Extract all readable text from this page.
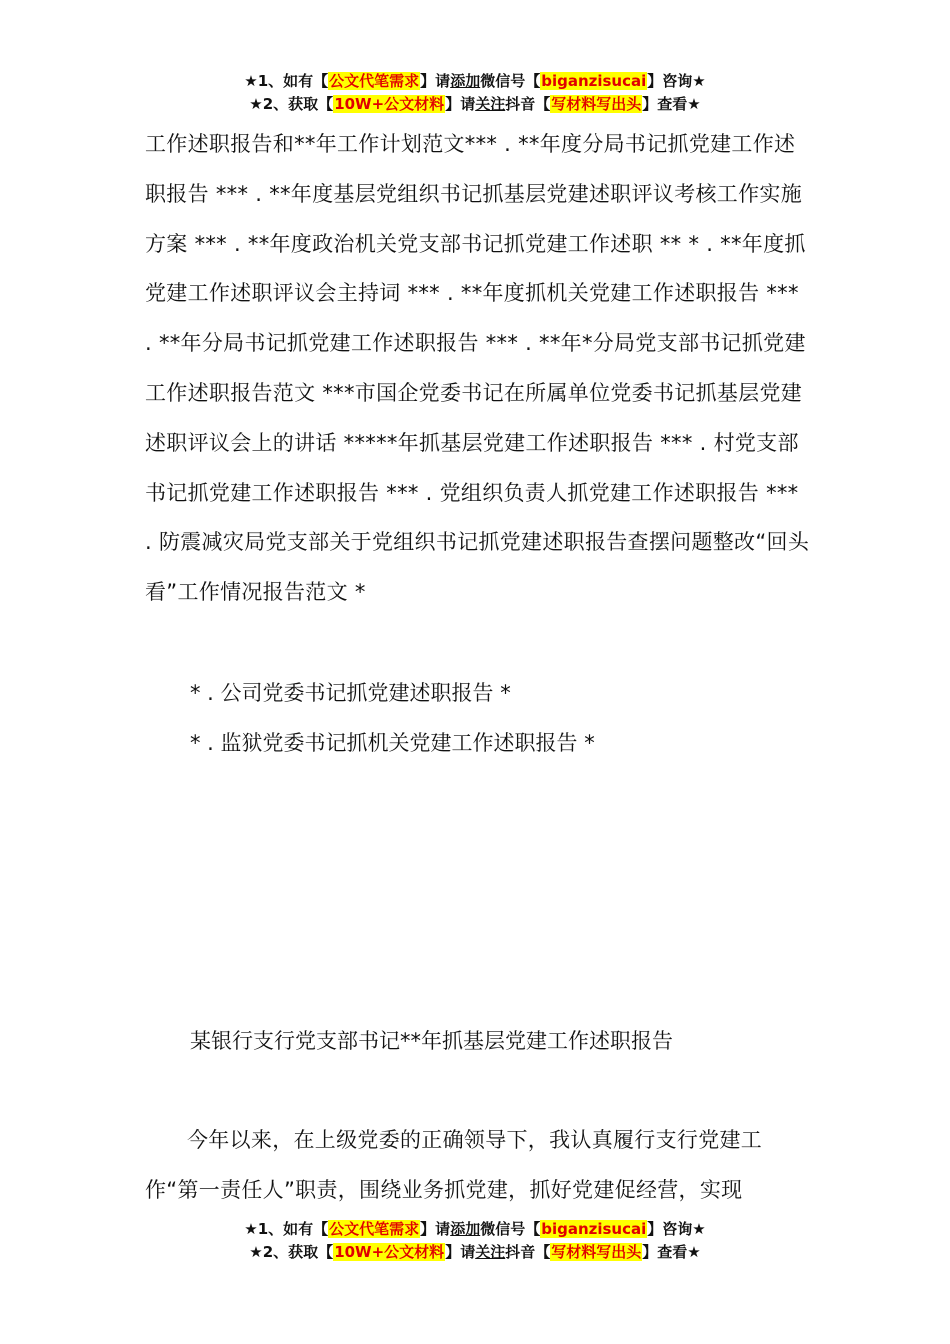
★1、如有【公文代笔需求】请添加微信号【biganzisucai】咨询★
★2、获取【10W+公文材料】请关注抖音【写材料写出头】查看★

工作述职报告和**年工作计划范文*** . **年度分局书记抓党建工作述职报告 *** . **年度基层党组织书记抓基层党建述职评议考核工作实施方案 *** . **年度政治机关党支部书记抓党建工作述职 ** * . **年度抓党建工作述职评议会主持词 *** . **年度抓机关党建工作述职报告 *** . **年分局书记抓党建工作述职报告 *** . **年*分局党支部书记抓党建工作述职报告范文 ***市国企党委书记在所属单位党委书记抓基层党建述职评议会上的讲话 *****年抓基层党建工作述职报告 *** . 村党支部书记抓党建工作述职报告 *** . 党组织负责人抓党建工作述职报告 *** . 防震减灾局党支部关于党组织书记抓党建述职报告查摆问题整改“回头看”工作情况报告范文 *

* . 公司党委书记抓党建述职报告 *
* . 监狱党委书记抓机关党建工作述职报告 *
某银行支行党支部书记**年抓基层党建工作述职报告

今年以来，在上级党委的正确领导下，我认真履行支行党建工作“第一责任人”职责，围绕业务抓党建，抓好党建促经营，实现

★1、如有【公文代笔需求】请添加微信号【biganzisucai】咨询★
★2、获取【10W+公文材料】请关注抖音【写材料写出头】查看★
